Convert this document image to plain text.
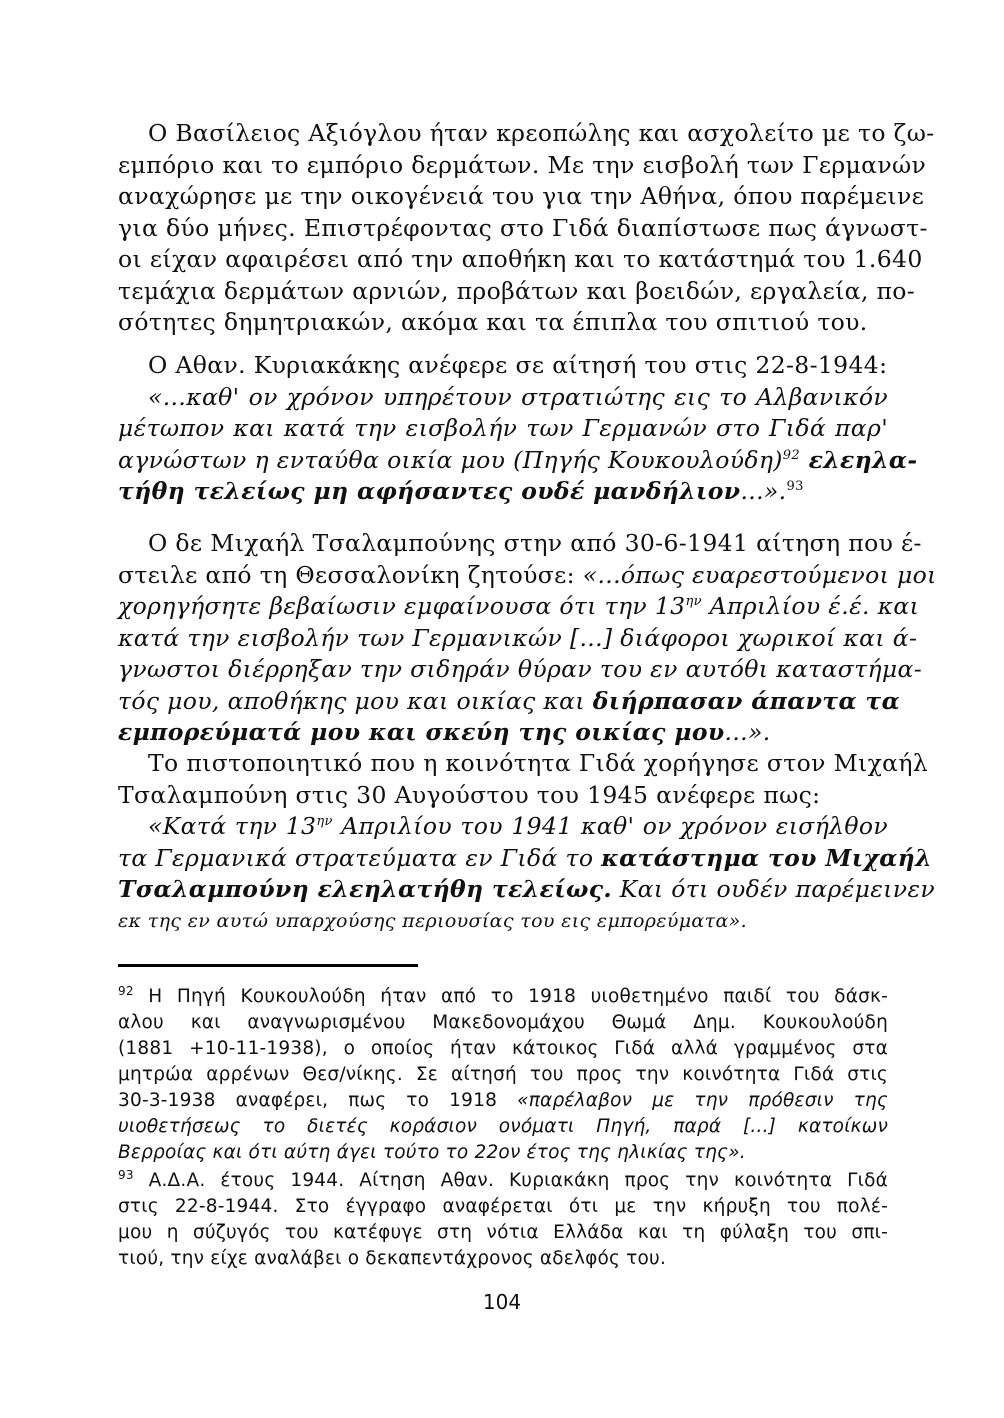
Ο Βασίλειος Αξιόγλου ήταν κρεοπώλης και ασχολείτο με το ζω-
εμπόριο και το εμπόριο δερμάτων. Με την εισβολή των Γερμανών
αναχώρησε με την οικογένειά του για την Αθήνα, όπου παρέμεινε
για δύο μήνες. Επιστρέφοντας στο Γιδά διαπίστωσε πως άγνωστ-
οι είχαν αφαιρέσει από την αποθήκη και το κατάστημά του 1.640
τεμάχια δερμάτων αρνιών, προβάτων και βοειδών, εργαλεία, πο-
σότητες δημητριακών, ακόμα και τα έπιπλα του σπιτιού του.
Ο Αθαν. Κυριακάκης ανέφερε σε αίτησή του στις 22-8-1944:
«...καθ' ον χρόνον υπηρέτουν στρατιώτης εις το Αλβανικόν
μέτωπον και κατά την εισβολήν των Γερμανών στο Γιδά παρ'
αγνώστων η ενταύθα οικία μου (Πηγής Κουκουλούδη)$^{92}$ ελεηλα-
τήθη τελείως μη αφήσαντες ουδέ μανδήλιον...».$^{93}$
Ο δε Μιχαήλ Τσαλαμπούνης στην από 30-6-1941 αίτηση που έ-
στειλε από τη Θεσσαλονίκη ζητούσε: «...όπως ευαρεστούμενοι μοι
χορηγήσητε βεβαίωσιν εμφαίνουσα ότι την $13^{\eta\nu}$ Απριλίου έ.έ. και
κατά την εισβολήν των Γερμανικών [...] διάφοροι χωρικοί και ά-
γνωστοι διέρρηξαν την σιδηράν θύραν του εν αυτόθι καταστήμα-
τός μου, αποθήκης μου και οικίας και διήρπασαν άπαντα τα
εμπορεύματά μου και σκεύη της οικίας μου...».
Το πιστοποιητικό που η κοινότητα Γιδά χορήγησε στον Μιχαήλ
Τσαλαμπούνη στις 30 Αυγούστου του 1945 ανέφερε πως:
«Κατά την $13^{\eta\nu}$ Απριλίου του 1941 καθ' ον χρόνον εισήλθον
τα Γερμανικά στρατεύματα εν Γιδά το κατάστημα του Μιχαήλ
Τσαλαμπούνη ελεηλατήθη τελείως. Και ότι ουδέν παρέμεινεν
εκ της εν αυτώ υπαρχούσης περιουσίας του εις εμπορεύματα».
$^{92}$ Η Πηγή Κουκουλούδη ήταν από το 1918 υιοθετημένο παιδί του δάσκ-
αλου και αναγνωρισμένου Μακεδονομάχου Θωμά Δημ. Κουκουλούδη
(1881 +10-11-1938), ο οποίος ήταν κάτοικος Γιδά αλλά γραμμένος στα
μητρώα αρρένων Θεσ/νίκης. Σε αίτησή του προς την κοινότητα Γιδά στις
30-3-1938 αναφέρει, πως το 1918 «παρέλαβον με την πρόθεσιν της
υιοθετήσεως το διετές κοράσιον ονόματι Πηγή, παρά [...] κατοίκων
Βερροίας και ότι αύτη άγει τούτο το 22ον έτος της ηλικίας της».
$^{93}$ Α.Δ.Α. έτους 1944. Αίτηση Αθαν. Κυριακάκη προς την κοινότητα Γιδά
στις 22-8-1944. Στο έγγραφο αναφέρεται ότι με την κήρυξη του πολέ-
μου η σύζυγός του κατέφυγε στη νότια Ελλάδα και τη φύλαξη του σπι-
τιού, την είχε αναλάβει ο δεκαπεντάχρονος αδελφός του.
104
